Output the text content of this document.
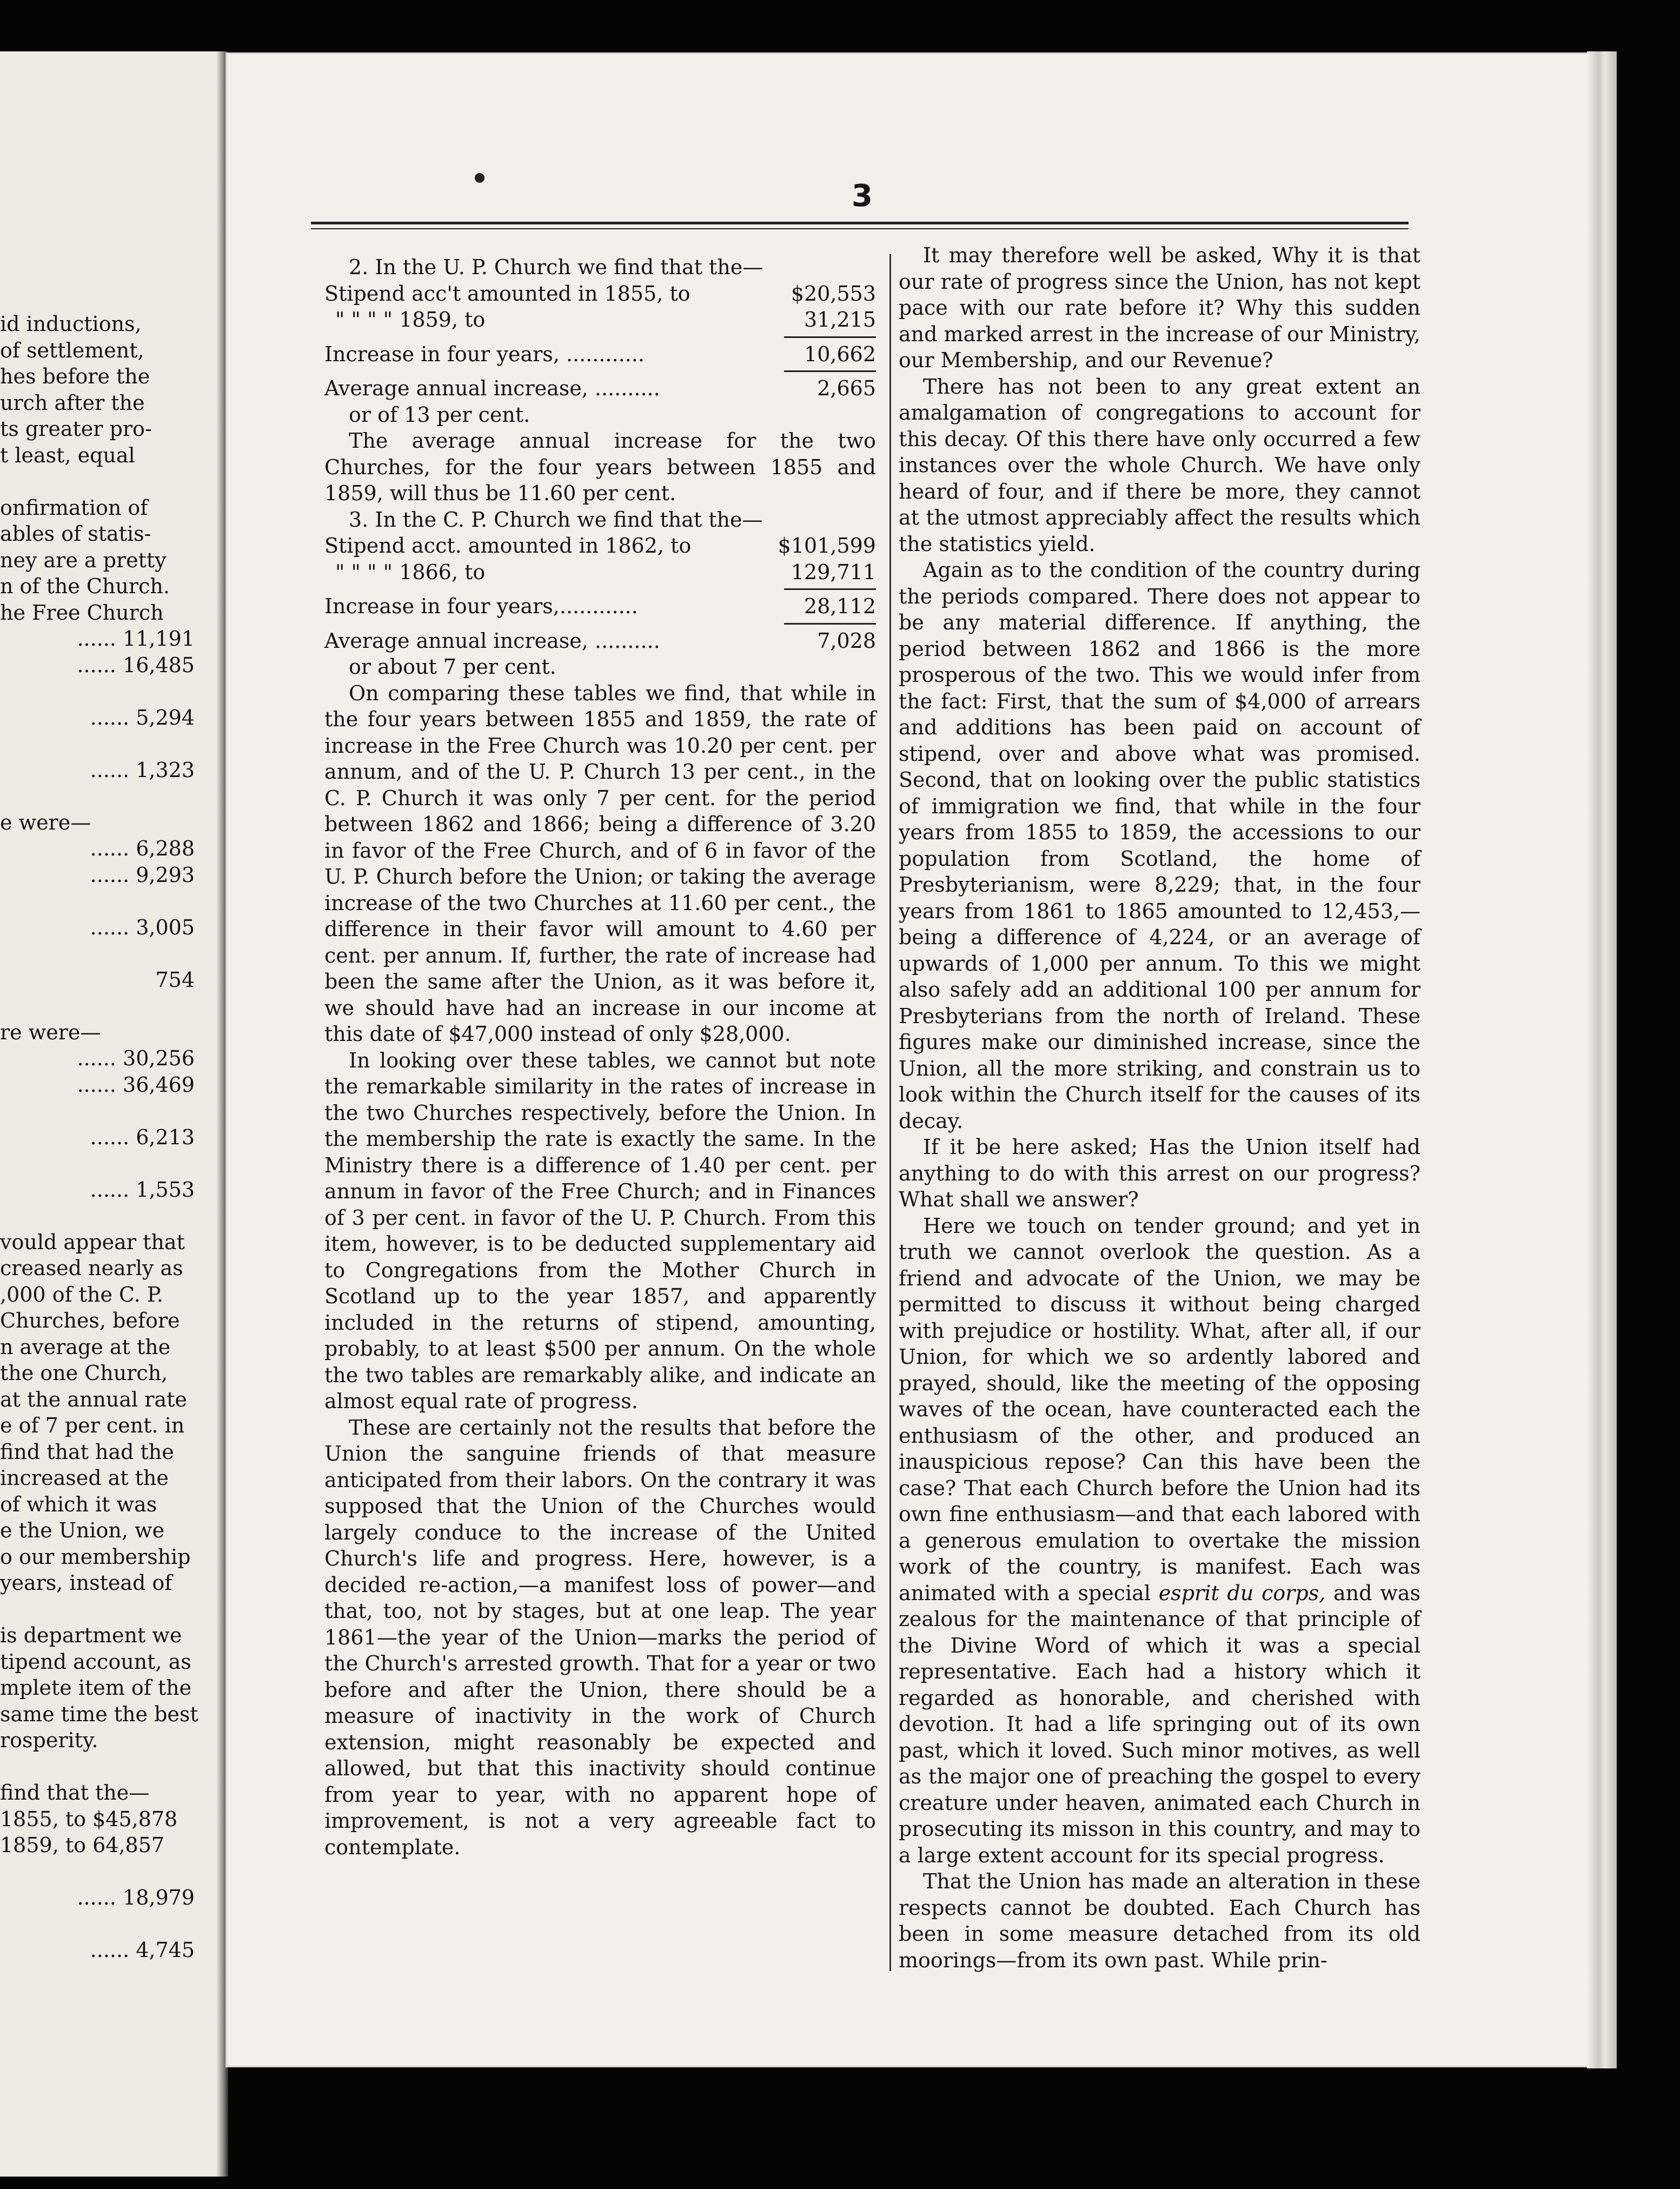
id inductions,

of settlement,

hes before the

urch after the

ts greater pro-

t least, equal

onfirmation of

ables of statis-

ney are a pretty

n of the Church.

he Free Church

...... 11,191

...... 16,485

...... 5,294

...... 1,323

e were—

...... 6,288

...... 9,293

...... 3,005

754

re were—

...... 30,256

...... 36,469

...... 6,213

...... 1,553

vould appear that

creased nearly as

,000 of the C. P.

Churches, before

n average at the

the one Church,

at the annual rate

e of 7 per cent. in

find that had the

increased at the

of which it was

e the Union, we

o our membership

years, instead of

is department we

tipend account, as

mplete item of the

same time the best

rosperity.

find that the—

1855, to $45,878

1859, to 64,857

...... 18,979

...... 4,745

3

2. In the U. P. Church we find that the—

Stipend acc't amounted in 1855, to	$20,553
" " " " 1859, to	31,215
Increase in four years, ............	10,662
Average annual increase, ..........	2,665

or of 13 per cent.

The average annual increase for the two Churches, for the four years between 1855 and 1859, will thus be 11.60 per cent.

3. In the C. P. Church we find that the—

Stipend acct. amounted in 1862, to	$101,599
" " " " 1866, to	129,711
Increase in four years,............	28,112
Average annual increase, ..........	7,028

or about 7 per cent.

On comparing these tables we find, that while in the four years between 1855 and 1859, the rate of increase in the Free Church was 10.20 per cent. per annum, and of the U. P. Church 13 per cent., in the C. P. Church it was only 7 per cent. for the period between 1862 and 1866; being a difference of 3.20 in favor of the Free Church, and of 6 in favor of the U. P. Church before the Union; or taking the average increase of the two Churches at 11.60 per cent., the difference in their favor will amount to 4.60 per cent. per annum. If, further, the rate of increase had been the same after the Union, as it was before it, we should have had an increase in our income at this date of $47,000 instead of only $28,000.

In looking over these tables, we cannot but note the remarkable similarity in the rates of increase in the two Churches respectively, before the Union. In the membership the rate is exactly the same. In the Ministry there is a difference of 1.40 per cent. per annum in favor of the Free Church; and in Finances of 3 per cent. in favor of the U. P. Church. From this item, however, is to be deducted supplementary aid to Congregations from the Mother Church in Scotland up to the year 1857, and apparently included in the returns of stipend, amounting, probably, to at least $500 per annum. On the whole the two tables are remarkably alike, and indicate an almost equal rate of progress.

These are certainly not the results that before the Union the sanguine friends of that measure anticipated from their labors. On the contrary it was supposed that the Union of the Churches would largely conduce to the increase of the United Church's life and progress. Here, however, is a decided re-action,—a manifest loss of power—and that, too, not by stages, but at one leap. The year 1861—the year of the Union—marks the period of the Church's arrested growth. That for a year or two before and after the Union, there should be a measure of inactivity in the work of Church extension, might reasonably be expected and allowed, but that this inactivity should continue from year to year, with no apparent hope of improvement, is not a very agreeable fact to contemplate.

It may therefore well be asked, Why it is that our rate of progress since the Union, has not kept pace with our rate before it? Why this sudden and marked arrest in the increase of our Ministry, our Membership, and our Revenue?

There has not been to any great extent an amalgamation of congregations to account for this decay. Of this there have only occurred a few instances over the whole Church. We have only heard of four, and if there be more, they cannot at the utmost appreciably affect the results which the statistics yield.

Again as to the condition of the country during the periods compared. There does not appear to be any material difference. If anything, the period between 1862 and 1866 is the more prosperous of the two. This we would infer from the fact: First, that the sum of $4,000 of arrears and additions has been paid on account of stipend, over and above what was promised. Second, that on looking over the public statistics of immigration we find, that while in the four years from 1855 to 1859, the accessions to our population from Scotland, the home of Presbyterianism, were 8,229; that, in the four years from 1861 to 1865 amounted to 12,453,—being a difference of 4,224, or an average of upwards of 1,000 per annum. To this we might also safely add an additional 100 per annum for Presbyterians from the north of Ireland. These figures make our diminished increase, since the Union, all the more striking, and constrain us to look within the Church itself for the causes of its decay.

If it be here asked; Has the Union itself had anything to do with this arrest on our progress? What shall we answer?

Here we touch on tender ground; and yet in truth we cannot overlook the question. As a friend and advocate of the Union, we may be permitted to discuss it without being charged with prejudice or hostility. What, after all, if our Union, for which we so ardently labored and prayed, should, like the meeting of the opposing waves of the ocean, have counteracted each the enthusiasm of the other, and produced an inauspicious repose? Can this have been the case? That each Church before the Union had its own fine enthusiasm—and that each labored with a generous emulation to overtake the mission work of the country, is manifest. Each was animated with a special esprit du corps, and was zealous for the maintenance of that principle of the Divine Word of which it was a special representative. Each had a history which it regarded as honorable, and cherished with devotion. It had a life springing out of its own past, which it loved. Such minor motives, as well as the major one of preaching the gospel to every creature under heaven, animated each Church in prosecuting its misson in this country, and may to a large extent account for its special progress.

That the Union has made an alteration in these respects cannot be doubted. Each Church has been in some measure detached from its old moorings—from its own past. While prin-
